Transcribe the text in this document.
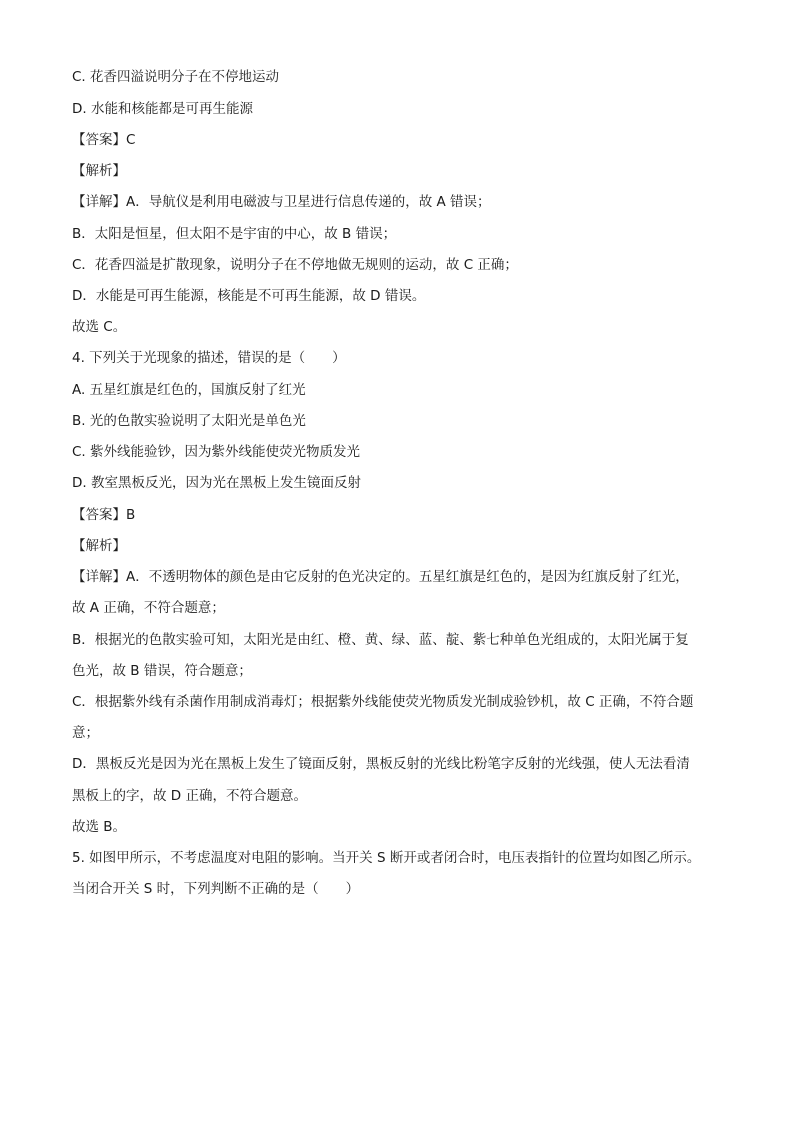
C. 花香四溢说明分子在不停地运动
D. 水能和核能都是可再生能源
【答案】C
【解析】
【详解】A．导航仪是利用电磁波与卫星进行信息传递的，故 A 错误；
B．太阳是恒星，但太阳不是宇宙的中心，故 B 错误；
C．花香四溢是扩散现象，说明分子在不停地做无规则的运动，故 C 正确；
D．水能是可再生能源，核能是不可再生能源，故 D 错误。
故选 C。
4. 下列关于光现象的描述，错误的是（　　）
A. 五星红旗是红色的，国旗反射了红光
B. 光的色散实验说明了太阳光是单色光
C. 紫外线能验钞，因为紫外线能使荧光物质发光
D. 教室黑板反光，因为光在黑板上发生镜面反射
【答案】B
【解析】
【详解】A．不透明物体的颜色是由它反射的色光决定的。五星红旗是红色的，是因为红旗反射了红光，
故 A 正确，不符合题意；
B．根据光的色散实验可知，太阳光是由红、橙、黄、绿、蓝、靛、紫七种单色光组成的，太阳光属于复
色光，故 B 错误，符合题意；
C．根据紫外线有杀菌作用制成消毒灯；根据紫外线能使荧光物质发光制成验钞机，故 C 正确，不符合题
意；
D．黑板反光是因为光在黑板上发生了镜面反射，黑板反射的光线比粉笔字反射的光线强，使人无法看清
黑板上的字，故 D 正确，不符合题意。
故选 B。
5. 如图甲所示，不考虑温度对电阻的影响。当开关 S 断开或者闭合时，电压表指针的位置均如图乙所示。
当闭合开关 S 时，下列判断不正确的是（　　）
